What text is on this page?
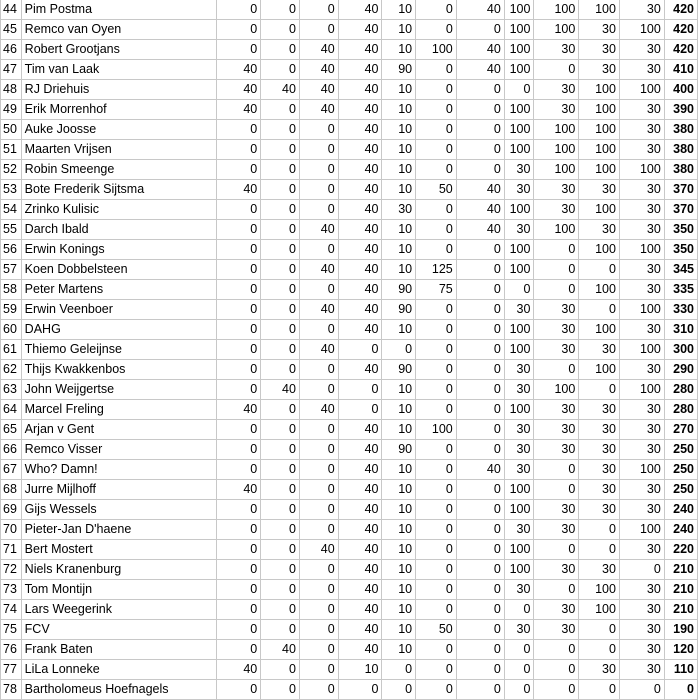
44	Pim Postma	0	0	0	40	10	0	40	100	100	100	30	420
45	Remco van Oyen	0	0	0	40	10	0	0	100	100	30	100	420
46	Robert Grootjans	0	0	40	40	10	100	40	100	30	30	30	420
47	Tim van Laak	40	0	40	40	90	0	40	100	0	30	30	410
48	RJ Driehuis	40	40	40	40	10	0	0	0	30	100	100	400
49	Erik Morrenhof	40	0	40	40	10	0	0	100	30	100	30	390
50	Auke Joosse	0	0	0	40	10	0	0	100	100	100	30	380
51	Maarten Vrijsen	0	0	0	40	10	0	0	100	100	100	30	380
52	Robin Smeenge	0	0	0	40	10	0	0	30	100	100	100	380
53	Bote Frederik Sijtsma	40	0	0	40	10	50	40	30	30	30	30	370
54	Zrinko Kulisic	0	0	0	40	30	0	40	100	30	100	30	370
55	Darch Ibald	0	0	40	40	10	0	40	30	100	30	30	350
56	Erwin Konings	0	0	0	40	10	0	0	100	0	100	100	350
57	Koen Dobbelsteen	0	0	40	40	10	125	0	100	0	0	30	345
58	Peter Martens	0	0	0	40	90	75	0	0	0	100	30	335
59	Erwin Veenboer	0	0	40	40	90	0	0	30	30	0	100	330
60	DAHG	0	0	0	40	10	0	0	100	30	100	30	310
61	Thiemo Geleijnse	0	0	40	0	0	0	0	100	30	30	100	300
62	Thijs Kwakkenbos	0	0	0	40	90	0	0	30	0	100	30	290
63	John Weijgertse	0	40	0	0	10	0	0	30	100	0	100	280
64	Marcel Freling	40	0	40	0	10	0	0	100	30	30	30	280
65	Arjan v Gent	0	0	0	40	10	100	0	30	30	30	30	270
66	Remco Visser	0	0	0	40	90	0	0	30	30	30	30	250
67	Who? Damn!	0	0	0	40	10	0	40	30	0	30	100	250
68	Jurre Mijlhoff	40	0	0	40	10	0	0	100	0	30	30	250
69	Gijs Wessels	0	0	0	40	10	0	0	100	30	30	30	240
70	Pieter-Jan D'haene	0	0	0	40	10	0	0	30	30	0	100	240
71	Bert Mostert	0	0	40	40	10	0	0	100	0	0	30	220
72	Niels Kranenburg	0	0	0	40	10	0	0	100	30	30	0	210
73	Tom Montijn	0	0	0	40	10	0	0	30	0	100	30	210
74	Lars Weegerink	0	0	0	40	10	0	0	0	30	100	30	210
75	FCV	0	0	0	40	10	50	0	30	30	0	30	190
76	Frank Baten	0	40	0	40	10	0	0	0	0	0	30	120
77	LiLa Lonneke	40	0	0	10	0	0	0	0	0	30	30	110
78	Bartholomeus Hoefnagels	0	0	0	0	0	0	0	0	0	0	0	0
